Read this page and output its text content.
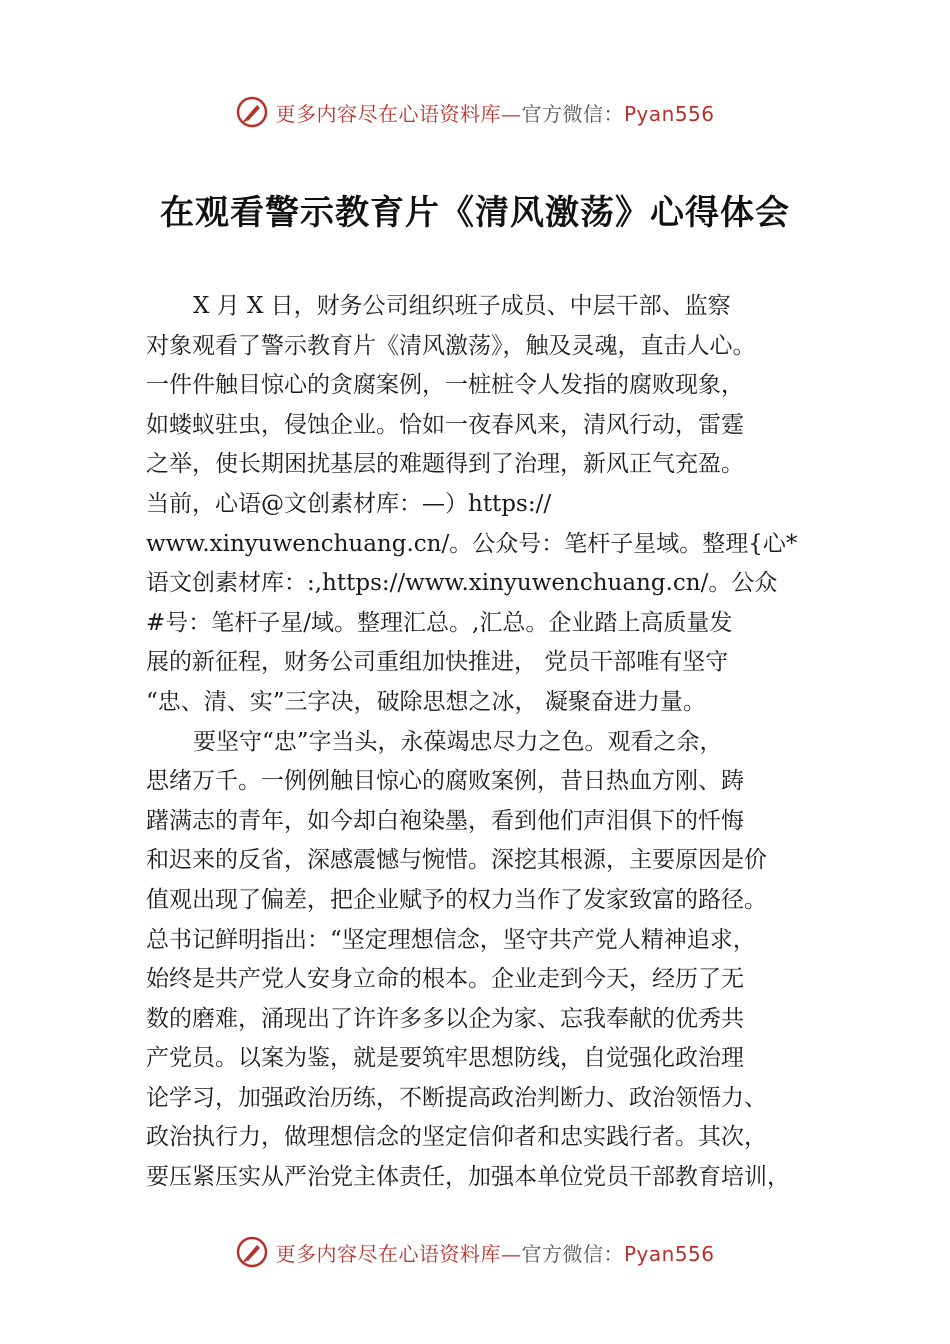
更多内容尽在心语资料库—官方微信：Pyan556
在观看警示教育片《清风激荡》心得体会
X 月 X 日，财务公司组织班子成员、中层干部、监察
对象观看了警示教育片《清风激荡》，触及灵魂，直击人心。
一件件触目惊心的贪腐案例，一桩桩令人发指的腐败现象，
如蝼蚁驻虫，侵蚀企业。恰如一夜春风来，清风行动，雷霆
之举，使长期困扰基层的难题得到了治理，新风正气充盈。
当前，心语@文创素材库：—）https://
www.xinyuwenchuang.cn/。公众号：笔杆子星域。整理{心*
语文创素材库：:,https://www.xinyuwenchuang.cn/。公众
#号：笔杆子星/域。整理汇总。,汇总。企业踏上高质量发
展的新征程，财务公司重组加快推进， 党员干部唯有坚守
“忠、清、实”三字决，破除思想之冰， 凝聚奋进力量。
要坚守“忠”字当头，永葆竭忠尽力之色。观看之余，
思绪万千。一例例触目惊心的腐败案例，昔日热血方刚、踌
躇满志的青年，如今却白袍染墨，看到他们声泪俱下的忏悔
和迟来的反省，深感震憾与惋惜。深挖其根源，主要原因是价
值观出现了偏差，把企业赋予的权力当作了发家致富的路径。
总书记鲜明指出：“坚定理想信念，坚守共产党人精神追求，
始终是共产党人安身立命的根本。企业走到今天，经历了无
数的磨难，涌现出了许许多多以企为家、忘我奉献的优秀共
产党员。以案为鉴，就是要筑牢思想防线，自觉强化政治理
论学习，加强政治历练，不断提高政治判断力、政治领悟力、
政治执行力，做理想信念的坚定信仰者和忠实践行者。其次，
要压紧压实从严治党主体责任，加强本单位党员干部教育培训，
更多内容尽在心语资料库—官方微信：Pyan556
